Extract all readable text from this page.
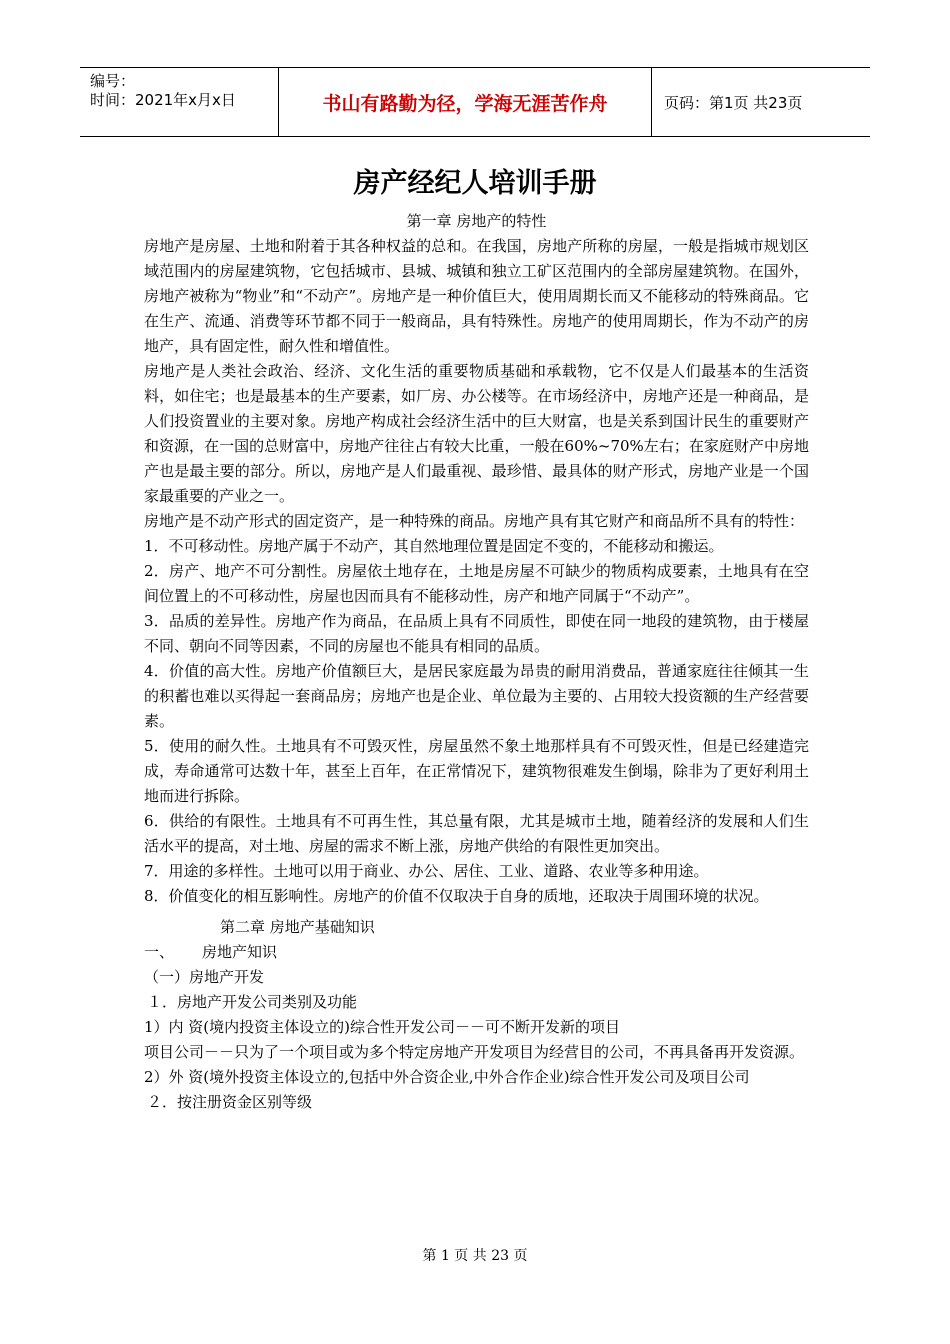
编号：
时间：2021年x月x日	书山有路勤为径，学海无涯苦作舟	页码：第1页 共23页
房产经纪人培训手册

第一章 房地产的特性

房地产是房屋、土地和附着于其各种权益的总和。在我国，房地产所称的房屋，一般是指城市规划区域范围内的房屋建筑物，它包括城市、县城、城镇和独立工矿区范围内的全部房屋建筑物。在国外，房地产被称为“物业”和“不动产”。房地产是一种价值巨大，使用周期长而又不能移动的特殊商品。它在生产、流通、消费等环节都不同于一般商品，具有特殊性。房地产的使用周期长，作为不动产的房地产，具有固定性，耐久性和增值性。

房地产是人类社会政治、经济、文化生活的重要物质基础和承载物，它不仅是人们最基本的生活资料，如住宅；也是最基本的生产要素，如厂房、办公楼等。在市场经济中，房地产还是一种商品，是人们投资置业的主要对象。房地产构成社会经济生活中的巨大财富，也是关系到国计民生的重要财产和资源，在一国的总财富中，房地产往往占有较大比重，一般在60%~70%左右；在家庭财产中房地产也是最主要的部分。所以，房地产是人们最重视、最珍惜、最具体的财产形式，房地产业是一个国家最重要的产业之一。

房地产是不动产形式的固定资产，是一种特殊的商品。房地产具有其它财产和商品所不具有的特性：

1．不可移动性。房地产属于不动产，其自然地理位置是固定不变的，不能移动和搬运。

2．房产、地产不可分割性。房屋依土地存在，土地是房屋不可缺少的物质构成要素，土地具有在空间位置上的不可移动性，房屋也因而具有不能移动性，房产和地产同属于“不动产”。

3．品质的差异性。房地产作为商品，在品质上具有不同质性，即使在同一地段的建筑物，由于楼屋不同、朝向不同等因素，不同的房屋也不能具有相同的品质。

4．价值的高大性。房地产价值额巨大，是居民家庭最为昂贵的耐用消费品，普通家庭往往倾其一生的积蓄也难以买得起一套商品房；房地产也是企业、单位最为主要的、占用较大投资额的生产经营要素。

5．使用的耐久性。土地具有不可毁灭性，房屋虽然不象土地那样具有不可毁灭性，但是已经建造完成，寿命通常可达数十年，甚至上百年，在正常情况下，建筑物很难发生倒塌，除非为了更好利用土地而进行拆除。

6．供给的有限性。土地具有不可再生性，其总量有限，尤其是城市土地，随着经济的发展和人们生活水平的提高，对土地、房屋的需求不断上涨，房地产供给的有限性更加突出。

7．用途的多样性。土地可以用于商业、办公、居住、工业、道路、农业等多种用途。

8．价值变化的相互影响性。房地产的价值不仅取决于自身的质地，还取决于周围环境的状况。

第二章 房地产基础知识

一、 房地产知识

（一）房地产开发

１．房地产开发公司类别及功能

1）内 资(境内投资主体设立的)综合性开发公司－－可不断开发新的项目

项目公司－－只为了一个项目或为多个特定房地产开发项目为经营目的公司，不再具备再开发资源。

2）外 资(境外投资主体设立的,包括中外合资企业,中外合作企业)综合性开发公司及项目公司

２．按注册资金区别等级

第 1 页 共 23 页
